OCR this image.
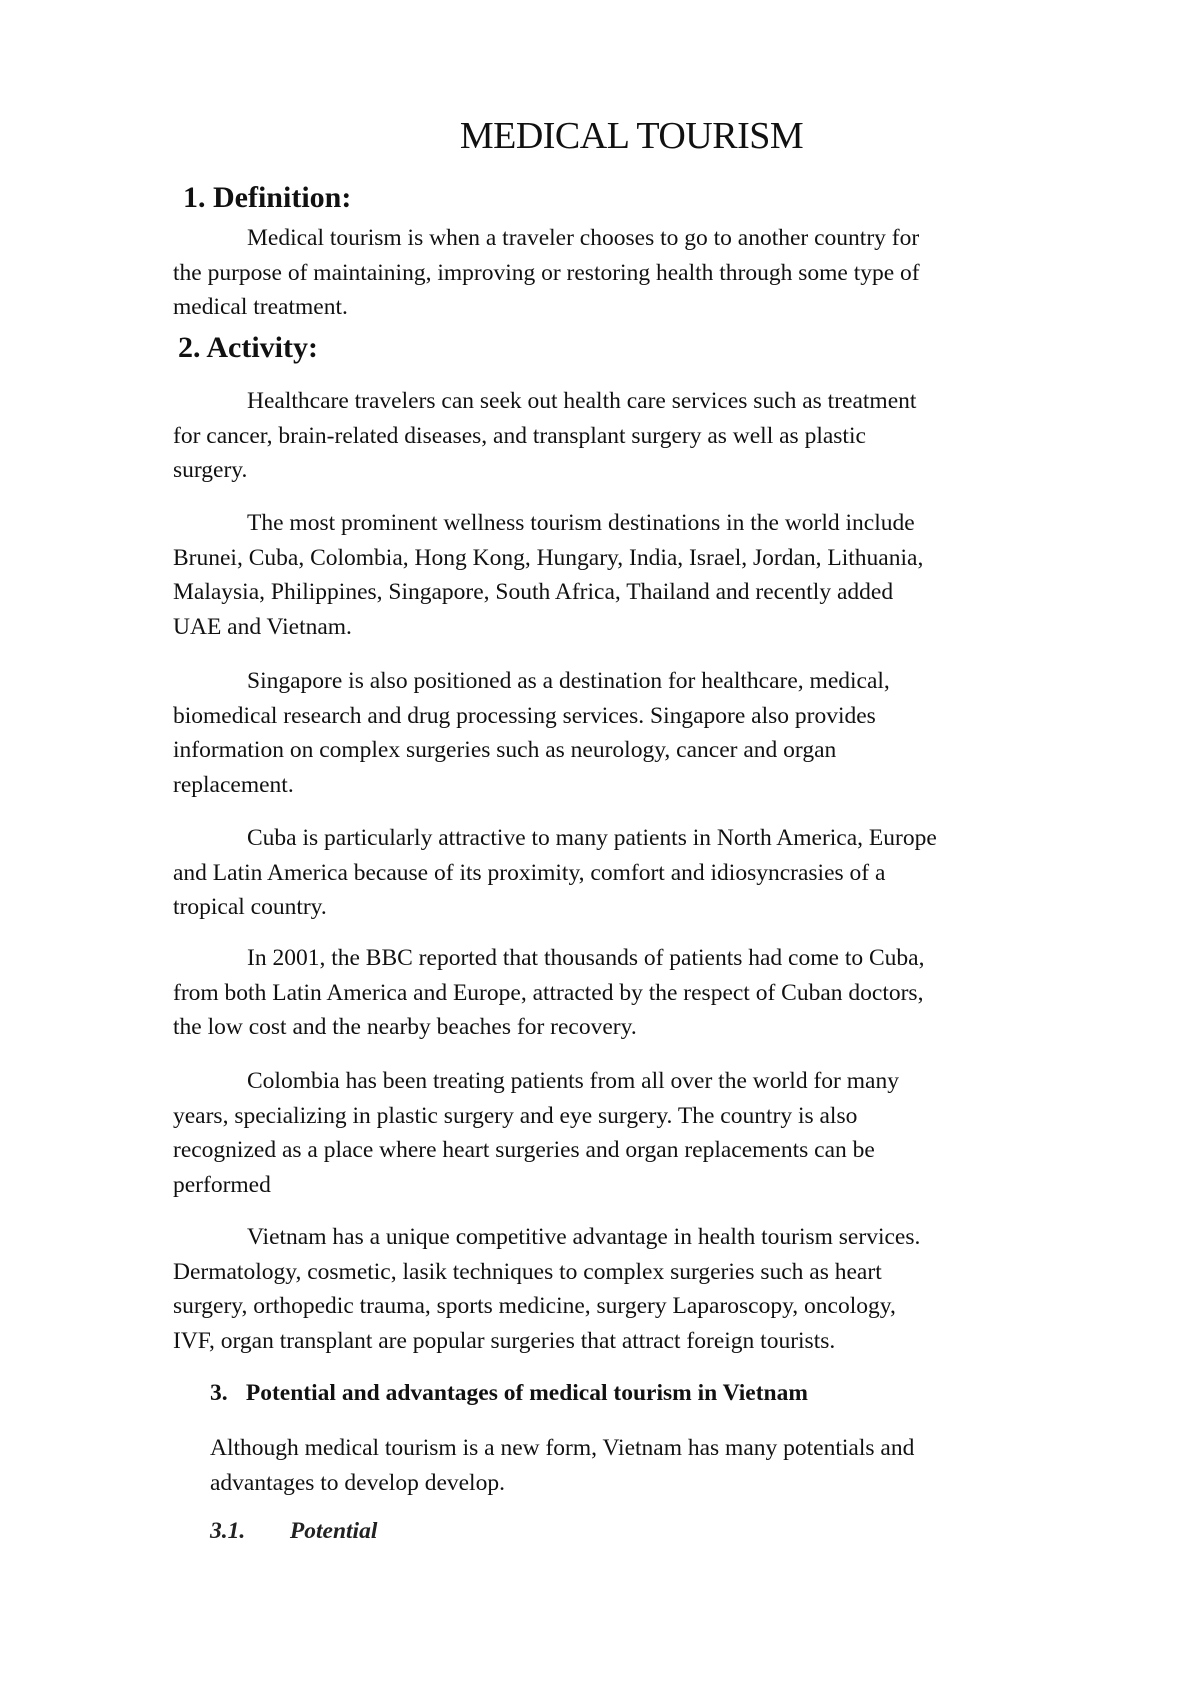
MEDICAL TOURISM
1. Definition:

Medical tourism is when a traveler chooses to go to another country for
the purpose of maintaining, improving or restoring health through some type of
medical treatment.

2. Activity:

Healthcare travelers can seek out health care services such as treatment
for cancer, brain-related diseases, and transplant surgery as well as plastic
surgery.

The most prominent wellness tourism destinations in the world include
Brunei, Cuba, Colombia, Hong Kong, Hungary, India, Israel, Jordan, Lithuania,
Malaysia, Philippines, Singapore, South Africa, Thailand and recently added
UAE and Vietnam.

Singapore is also positioned as a destination for healthcare, medical,
biomedical research and drug processing services. Singapore also provides
information on complex surgeries such as neurology, cancer and organ
replacement.

Cuba is particularly attractive to many patients in North America, Europe
and Latin America because of its proximity, comfort and idiosyncrasies of a
tropical country.

In 2001, the BBC reported that thousands of patients had come to Cuba,
from both Latin America and Europe, attracted by the respect of Cuban doctors,
the low cost and the nearby beaches for recovery.

Colombia has been treating patients from all over the world for many
years, specializing in plastic surgery and eye surgery. The country is also
recognized as a place where heart surgeries and organ replacements can be
performed

Vietnam has a unique competitive advantage in health tourism services.
Dermatology, cosmetic, lasik techniques to complex surgeries such as heart
surgery, orthopedic trauma, sports medicine, surgery Laparoscopy, oncology,
IVF, organ transplant are popular surgeries that attract foreign tourists.

3. Potential and advantages of medical tourism in Vietnam

Although medical tourism is a new form, Vietnam has many potentials and
advantages to develop develop.

3.1. Potential
